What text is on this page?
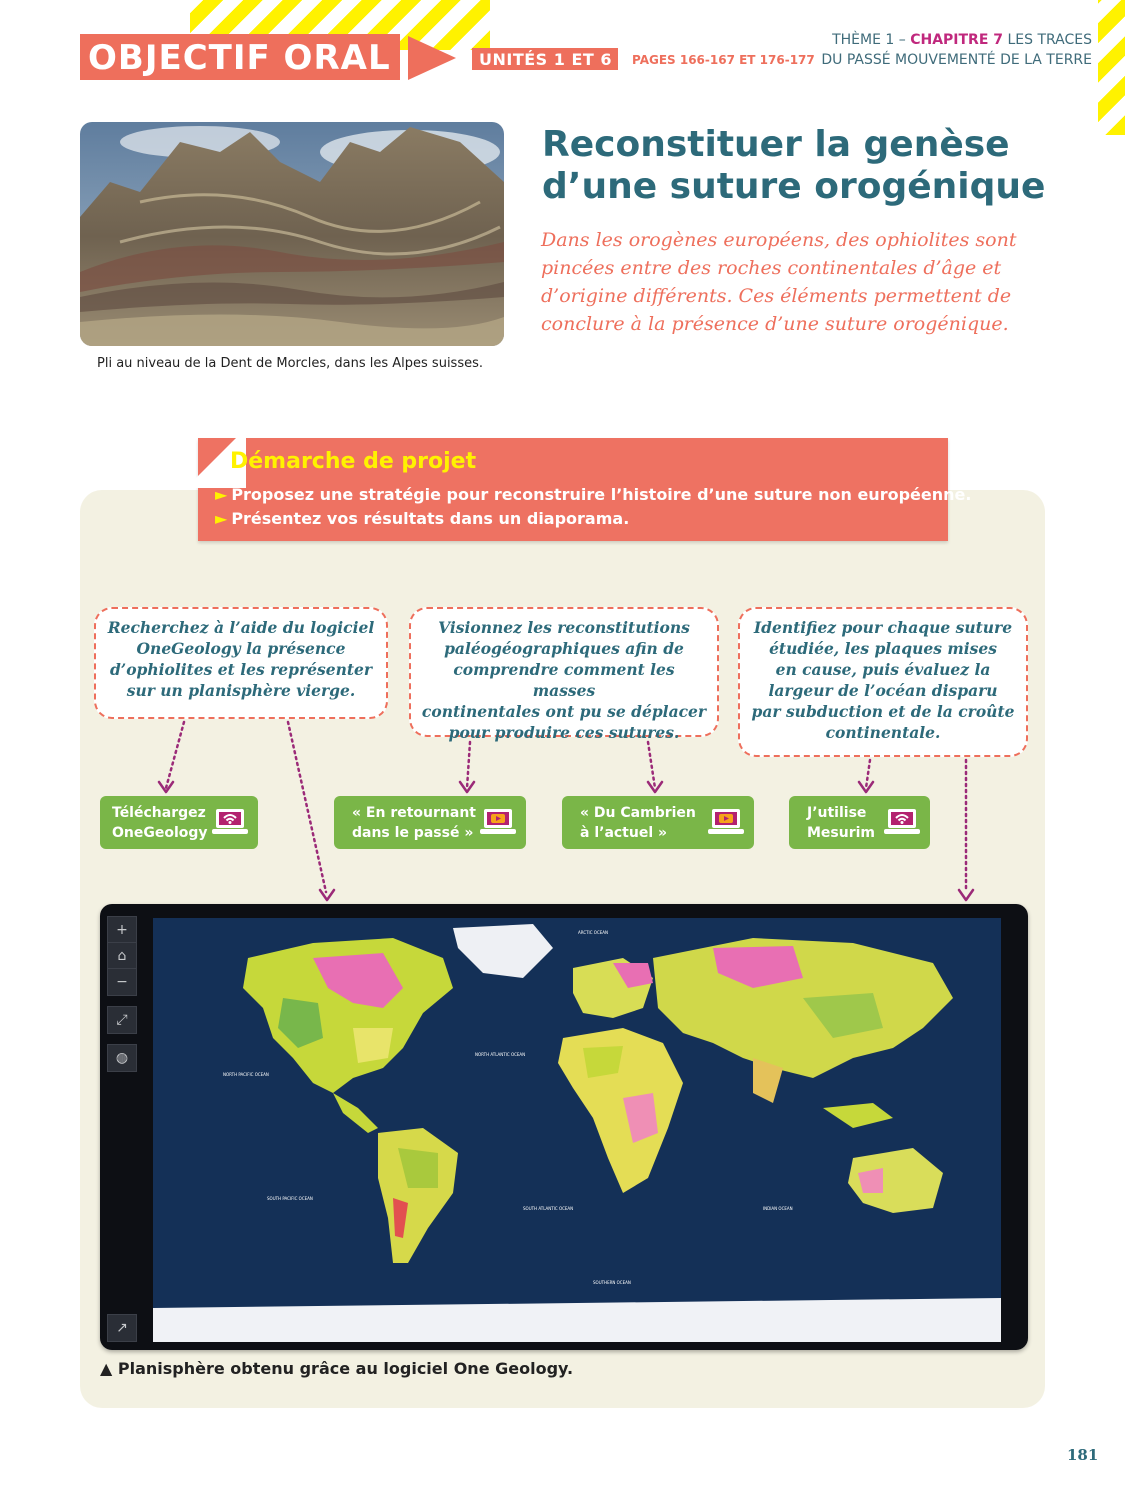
OBJECTIF ORAL	UNITÉS 1 ET 6 PAGES 166-167 ET 176-177
THÈME 1 – CHAPITRE 7 LES TRACES
DU PASSÉ MOUVEMENTÉ DE LA TERRE
Pli au niveau de la Dent de Morcles, dans les Alpes suisses.
Reconstituer la genèse
d’une suture orogénique
Dans les orogènes européens, des ophiolites sont
pincées entre des roches continentales d’âge et
d’origine différents. Ces éléments permettent de
conclure à la présence d’une suture orogénique.
Démarche de projet
► Proposez une stratégie pour reconstruire l’histoire d’une suture non européenne.
► Présentez vos résultats dans un diaporama.
Recherchez à l’aide du logiciel
OneGeology la présence
d’ophiolites et les représenter
sur un planisphère vierge.
Visionnez les reconstitutions
paléogéographiques afin de
comprendre comment les masses
continentales ont pu se déplacer
pour produire ces sutures.
Identifiez pour chaque suture
étudiée, les plaques mises
en cause, puis évaluez la
largeur de l’océan disparu
par subduction et de la croûte
continentale.
Téléchargez
OneGeology
« En retournant
dans le passé »
« Du Cambrien
à l’actuel »
J’utilise
Mesurim
ARCTIC OCEAN
NORTH PACIFIC OCEAN
NORTH ATLANTIC OCEAN
SOUTH PACIFIC OCEAN
SOUTH ATLANTIC OCEAN	INDIAN OCEAN
SOUTHERN OCEAN
+
⌂
−
⤢
◍
↗
▲ Planisphère obtenu grâce au logiciel One Geology.
181
